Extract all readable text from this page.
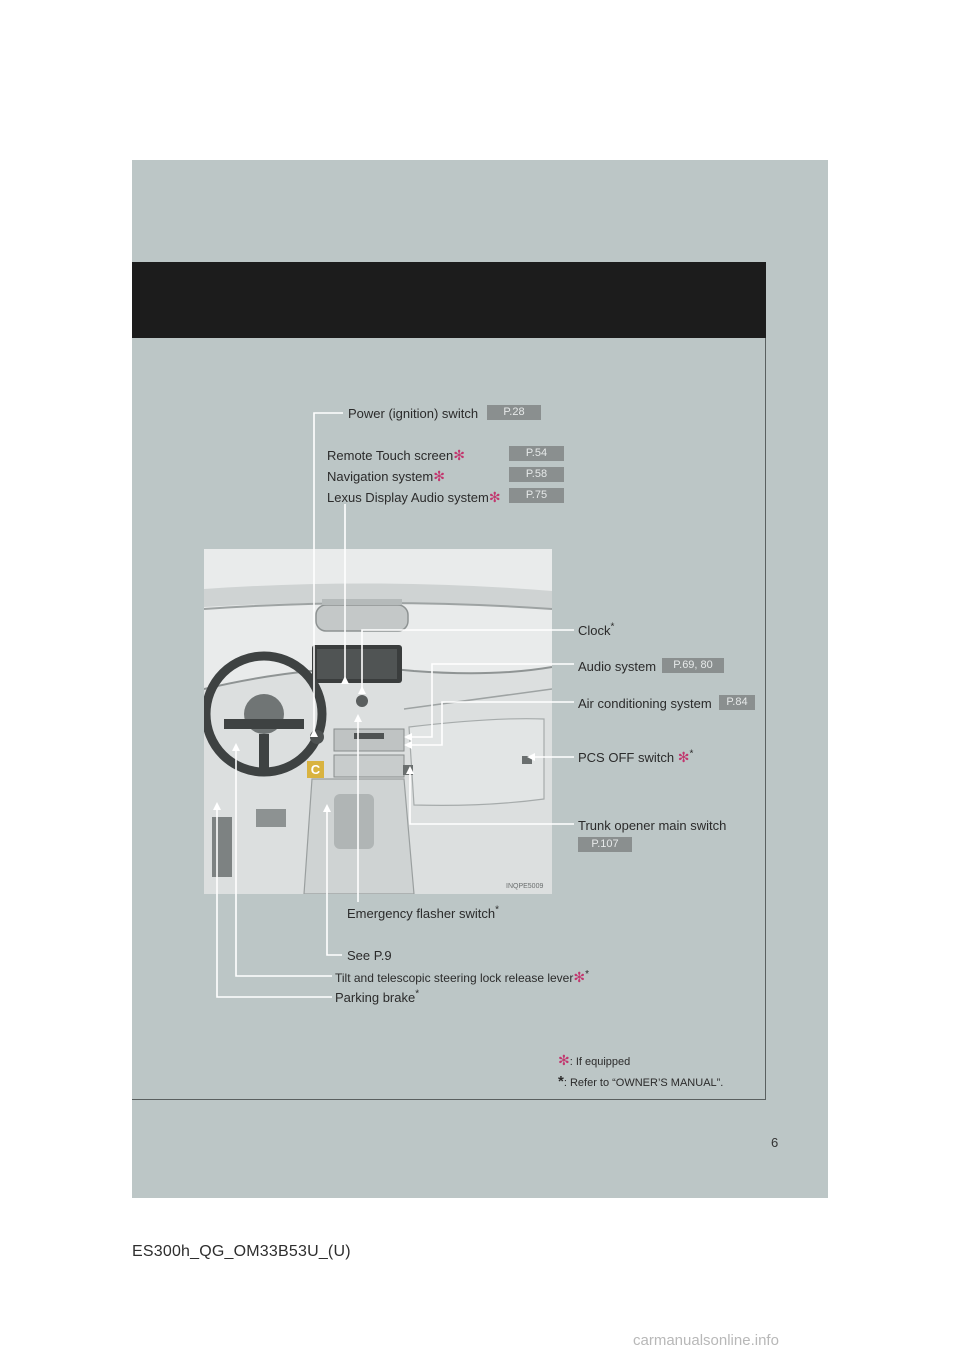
C
INQPE5009
Power (ignition) switch	P.28
Remote Touch screen✻	P.54
Navigation system✻	P.58
Lexus Display Audio system✻	P.75
Clock*
Audio system	P.69, 80
Air conditioning system	P.84
PCS OFF switch ✻*
Trunk opener main switch
P.107
Emergency flasher switch*
See P.9
Tilt and telescopic steering lock release lever✻*
Parking brake*
✻: If equipped
*: Refer to “OWNER’S MANUAL”.
6
ES300h_QG_OM33B53U_(U)
carmanualsonline.info
